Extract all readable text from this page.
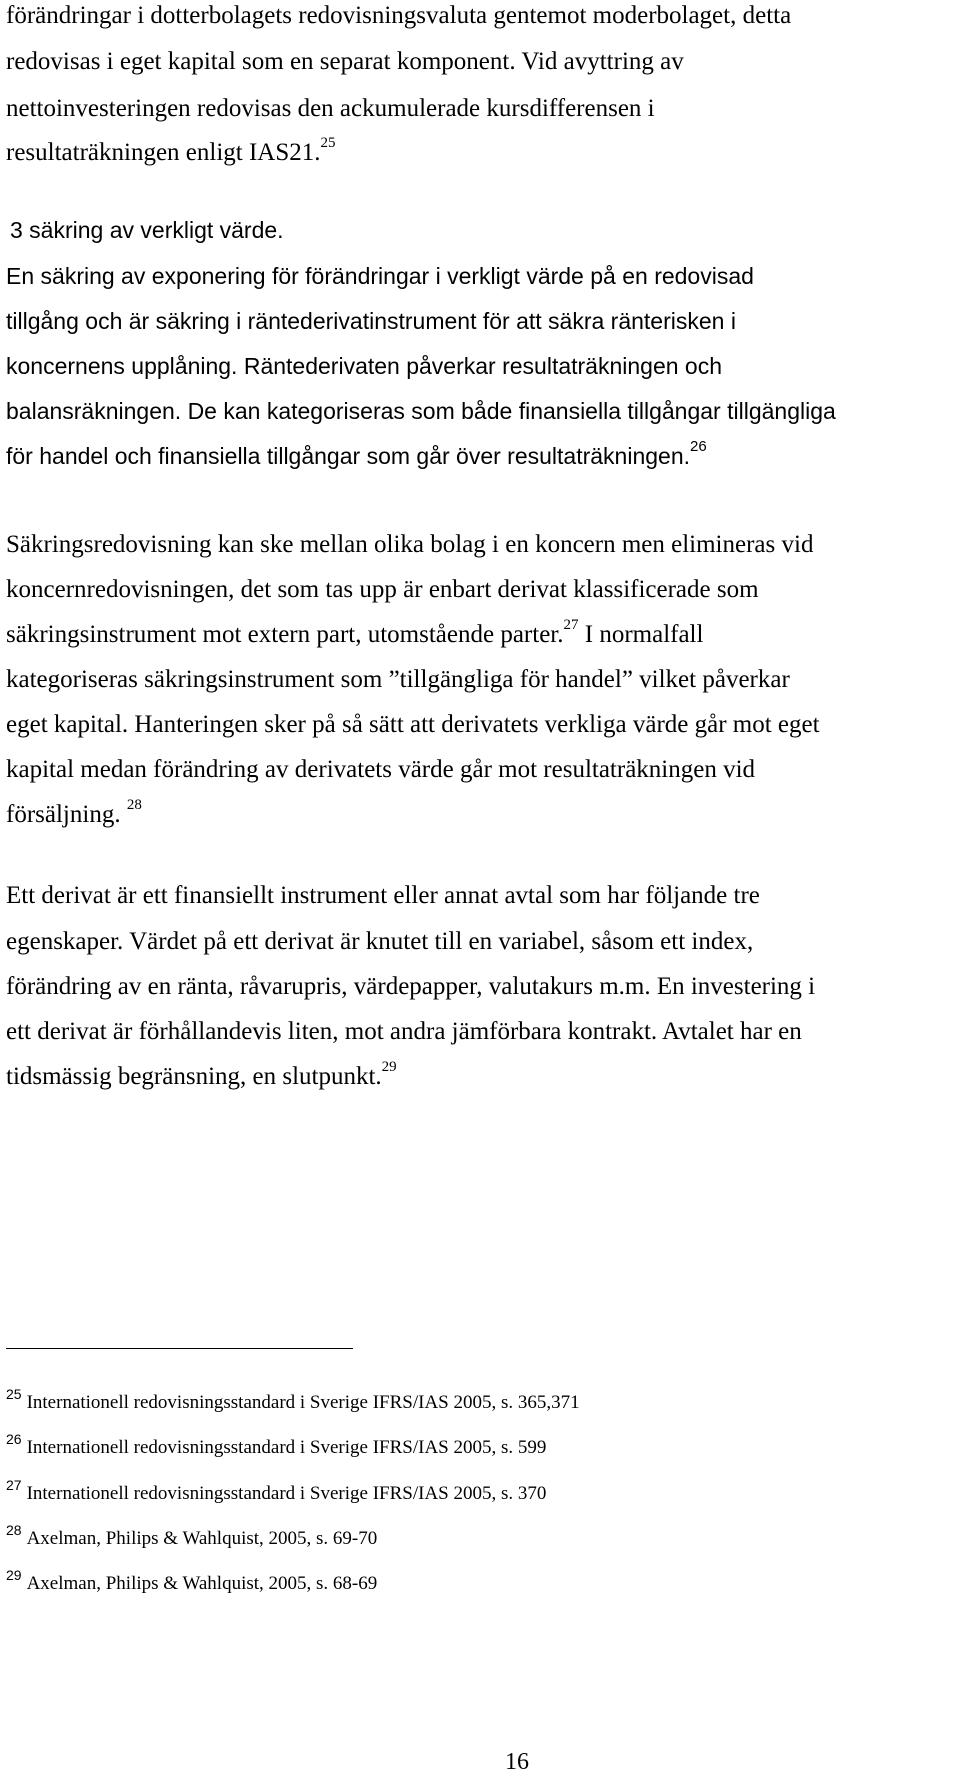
förändringar i dotterbolagets redovisningsvaluta gentemot moderbolaget, detta
redovisas i eget kapital som en separat komponent. Vid avyttring av
nettoinvesteringen redovisas den ackumulerade kursdifferensen i
resultaträkningen enligt IAS21.25
3 säkring av verkligt värde.
En säkring av exponering för förändringar i verkligt värde på en redovisad
tillgång och är säkring i räntederivatinstrument för att säkra ränterisken i
koncernens upplåning. Räntederivaten påverkar resultaträkningen och
balansräkningen. De kan kategoriseras som både finansiella tillgångar tillgängliga
för handel och finansiella tillgångar som går över resultaträkningen.$^{26}$
Säkringsredovisning kan ske mellan olika bolag i en koncern men elimineras vid
koncernredovisningen, det som tas upp är enbart derivat klassificerade som
säkringsinstrument mot extern part, utomstående parter.$^{27}$ I normalfall
kategoriseras säkringsinstrument som ”tillgängliga för handel” vilket påverkar
eget kapital. Hanteringen sker på så sätt att derivatets verkliga värde går mot eget
kapital medan förändring av derivatets värde går mot resultaträkningen vid
försäljning. $^{28}$
Ett derivat är ett finansiellt instrument eller annat avtal som har följande tre
egenskaper. Värdet på ett derivat är knutet till en variabel, såsom ett index,
förändring av en ränta, råvarupris, värdepapper, valutakurs m.m. En investering i
ett derivat är förhållandevis liten, mot andra jämförbara kontrakt. Avtalet har en
tidsmässig begränsning, en slutpunkt.$^{29}$
$^{25}$ Internationell redovisningsstandard i Sverige IFRS/IAS 2005, s. 365,371
$^{26}$ Internationell redovisningsstandard i Sverige IFRS/IAS 2005, s. 599
$^{27}$ Internationell redovisningsstandard i Sverige IFRS/IAS 2005, s. 370
$^{28}$ Axelman, Philips & Wahlquist, 2005, s. 69-70
$^{29}$ Axelman, Philips & Wahlquist, 2005, s. 68-69
16
